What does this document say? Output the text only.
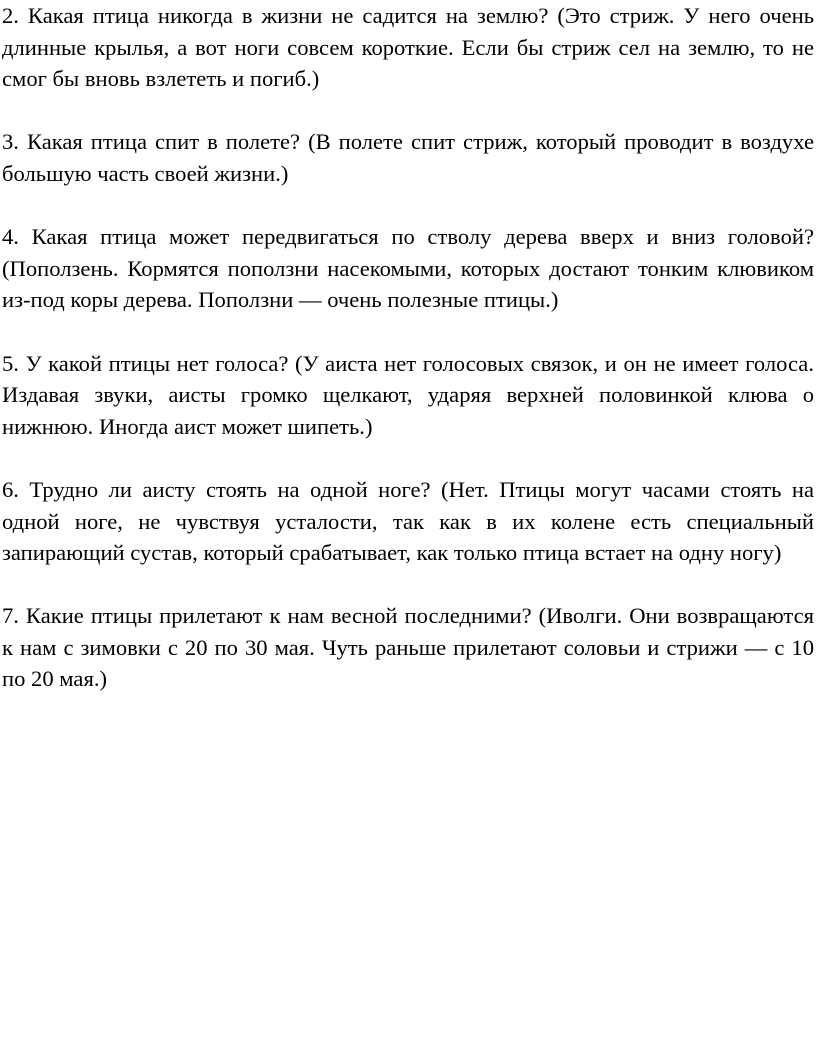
2. Какая птица никогда в жизни не садится на землю? (Это стриж. У него очень длинные крылья, а вот ноги совсем короткие. Если бы стриж сел на землю, то не смог бы вновь взлететь и погиб.)

3. Какая птица спит в полете? (В полете спит стриж, который проводит в воздухе большую часть своей жизни.)

4. Какая птица может передвигаться по стволу дерева вверх и вниз головой? (Поползень. Кормятся поползни насекомыми, которых достают тонким клювиком из-под коры дерева. Поползни — очень полезные птицы.)

5. У какой птицы нет голоса? (У аиста нет голосовых связок, и он не имеет голоса. Издавая звуки, аисты громко щелкают, ударяя верхней половинкой клюва о нижнюю. Иногда аист может шипеть.)

6. Трудно ли аисту стоять на одной ноге? (Нет. Птицы могут часами стоять на одной ноге, не чувствуя усталости, так как в их колене есть специальный запирающий сустав, который срабатывает, как только птица встает на одну ногу)

7. Какие птицы прилетают к нам весной последними? (Иволги. Они возвращаются к нам с зимовки с 20 по 30 мая. Чуть раньше прилетают соловьи и стрижи — с 10 по 20 мая.)
